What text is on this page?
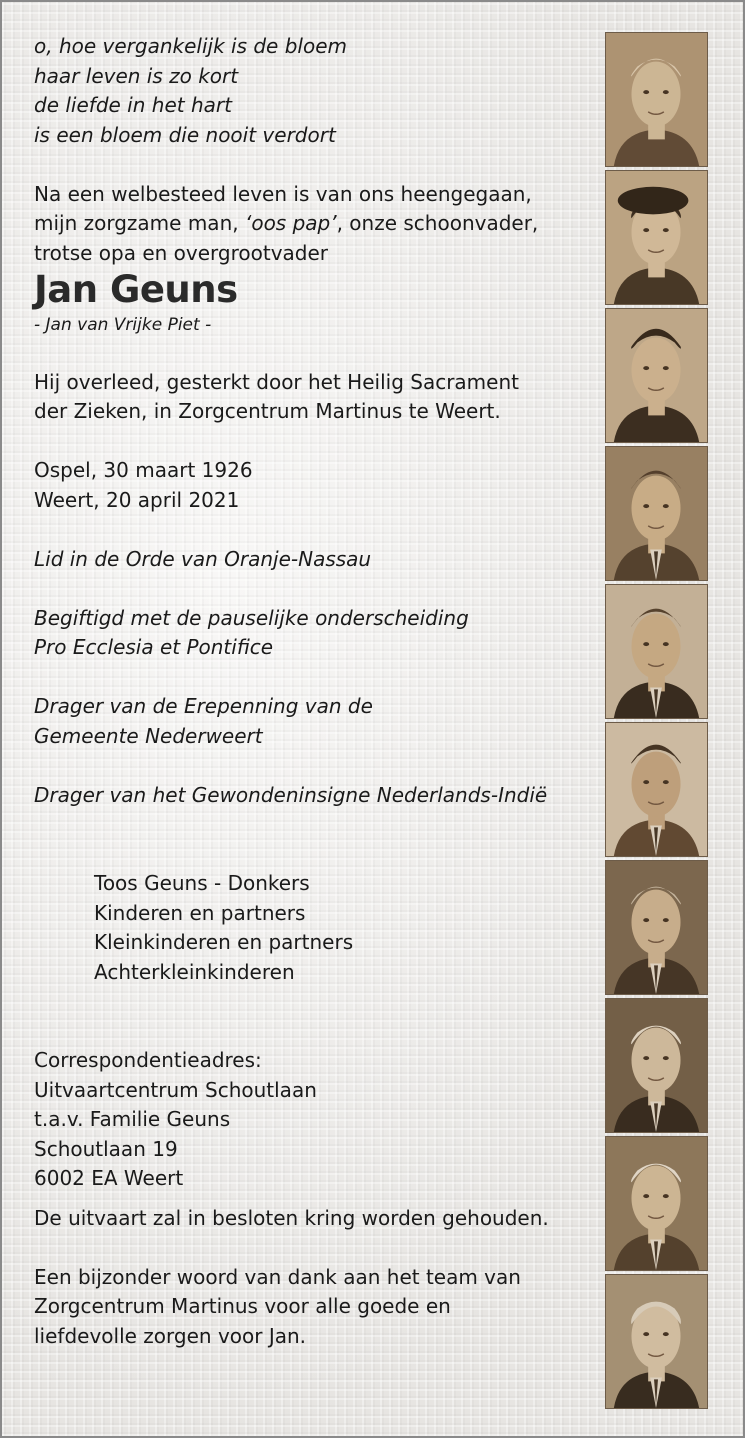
o, hoe vergankelijk is de bloem

haar leven is zo kort

de liefde in het hart

is een bloem die nooit verdort

Na een welbesteed leven is van ons heengegaan,

mijn zorgzame man, ‘oos pap’, onze schoonvader,

trotse opa en overgrootvader

Jan Geuns

- Jan van Vrijke Piet -

Hij overleed, gesterkt door het Heilig Sacrament

der Zieken, in Zorgcentrum Martinus te Weert.

Ospel, 30 maart 1926

Weert, 20 april 2021

Lid in de Orde van Oranje-Nassau

Begiftigd met de pauselijke onderscheiding

Pro Ecclesia et Pontifice

Drager van de Erepenning van de

Gemeente Nederweert

Drager van het Gewondeninsigne Nederlands-Indië

Toos Geuns - Donkers

Kinderen en partners

Kleinkinderen en partners

Achterkleinkinderen

Correspondentieadres:

Uitvaartcentrum Schoutlaan

t.a.v. Familie Geuns

Schoutlaan 19

6002 EA Weert

De uitvaart zal in besloten kring worden gehouden.

Een bijzonder woord van dank aan het team van

Zorgcentrum Martinus voor alle goede en

liefdevolle zorgen voor Jan.
